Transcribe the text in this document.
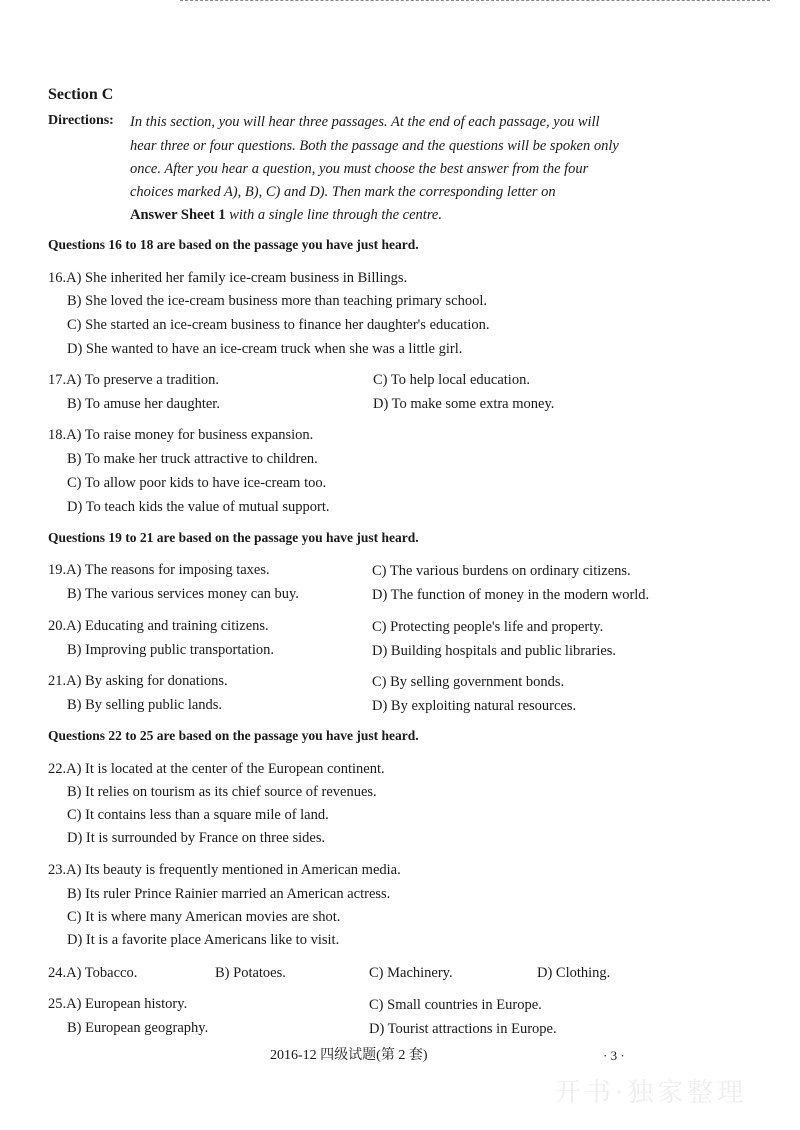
开书·独家整理
Section C
Directions: In this section, you will hear three passages. At the end of each passage, you will
hear three or four questions. Both the passage and the questions will be spoken only
once. After you hear a question, you must choose the best answer from the four
choices marked A), B), C) and D). Then mark the corresponding letter on
Answer Sheet 1 with a single line through the centre.
Questions 16 to 18 are based on the passage you have just heard.
16.A) She inherited her family ice-cream business in Billings.
B) She loved the ice-cream business more than teaching primary school.
C) She started an ice-cream business to finance her daughter's education.
D) She wanted to have an ice-cream truck when she was a little girl.
17.A) To preserve a tradition.	C) To help local education.
B) To amuse her daughter.	D) To make some extra money.
18.A) To raise money for business expansion.
B) To make her truck attractive to children.
C) To allow poor kids to have ice-cream too.
D) To teach kids the value of mutual support.
Questions 19 to 21 are based on the passage you have just heard.
19.A) The reasons for imposing taxes.	C) The various burdens on ordinary citizens.
B) The various services money can buy.	D) The function of money in the modern world.
20.A) Educating and training citizens.	C) Protecting people's life and property.
B) Improving public transportation.	D) Building hospitals and public libraries.
21.A) By asking for donations.	C) By selling government bonds.
B) By selling public lands.	D) By exploiting natural resources.
Questions 22 to 25 are based on the passage you have just heard.
22.A) It is located at the center of the European continent.
B) It relies on tourism as its chief source of revenues.
C) It contains less than a square mile of land.
D) It is surrounded by France on three sides.
23.A) Its beauty is frequently mentioned in American media.
B) Its ruler Prince Rainier married an American actress.
C) It is where many American movies are shot.
D) It is a favorite place Americans like to visit.
24.A) Tobacco.	B) Potatoes.	C) Machinery.	D) Clothing.
25.A) European history.	C) Small countries in Europe.
B) European geography.	D) Tourist attractions in Europe.
2016-12 四级试题(第 2 套)	· 3 ·
